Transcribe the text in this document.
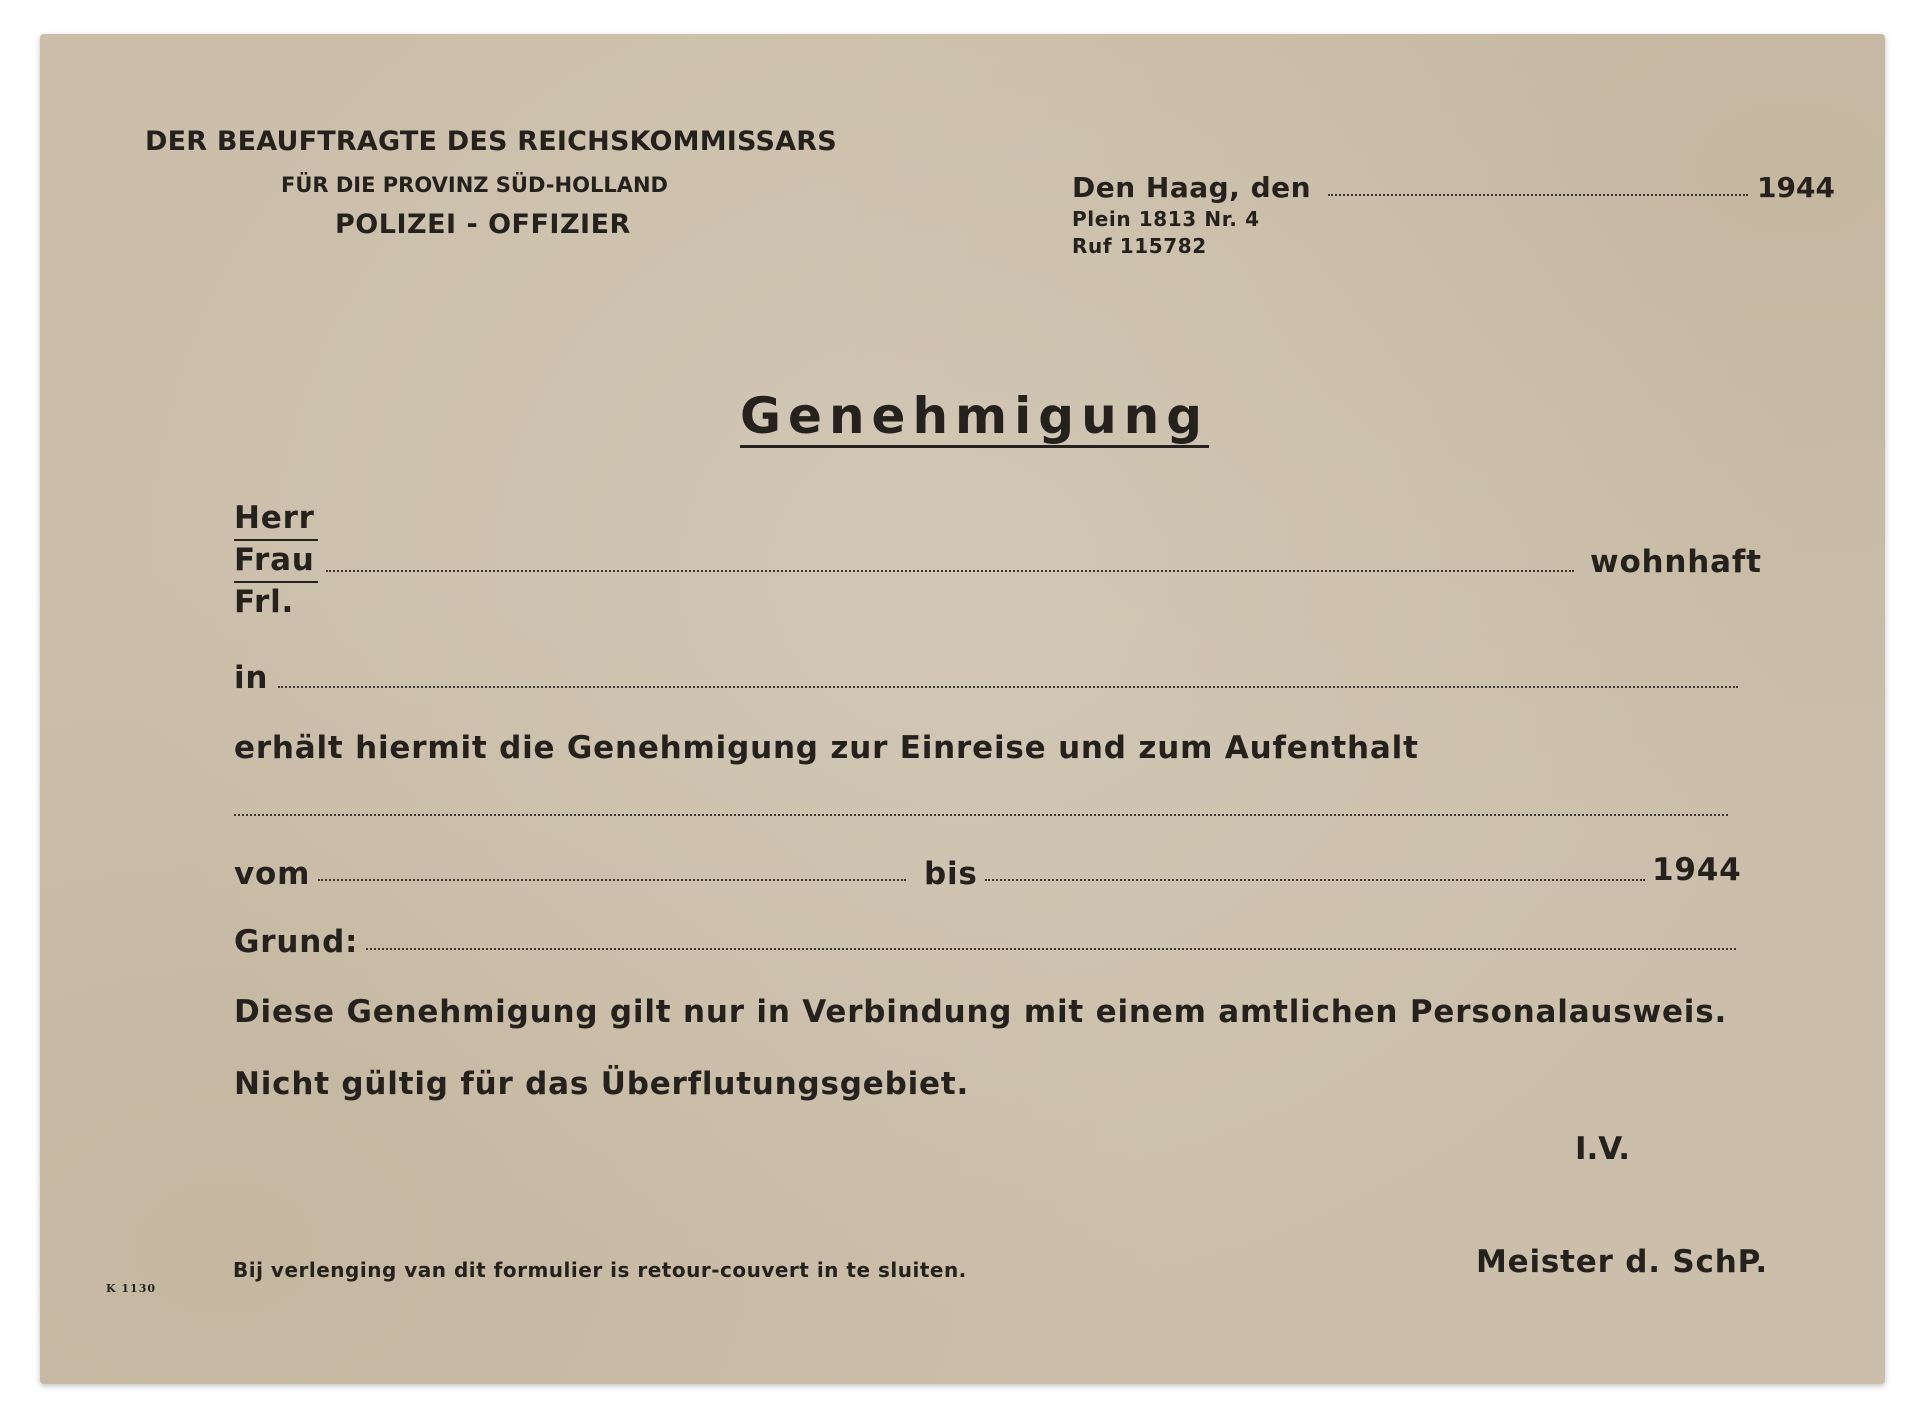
DER BEAUFTRAGTE DES REICHSKOMMISSARS
FÜR DIE PROVINZ SÜD-HOLLAND
POLIZEI - OFFIZIER
Den Haag, den	1944
Plein 1813 Nr. 4
Ruf 115782
Genehmigung
Herr
Frau
Frl.
wohnhaft
in
erhält hiermit die Genehmigung zur Einreise und zum Aufenthalt
vom	bis	1944
Grund:
Diese Genehmigung gilt nur in Verbindung mit einem amtlichen Personalausweis.
Nicht gültig für das Überflutungsgebiet.
I.V.
Meister d. SchP.
Bij verlenging van dit formulier is retour-couvert in te sluiten.
K 1130
